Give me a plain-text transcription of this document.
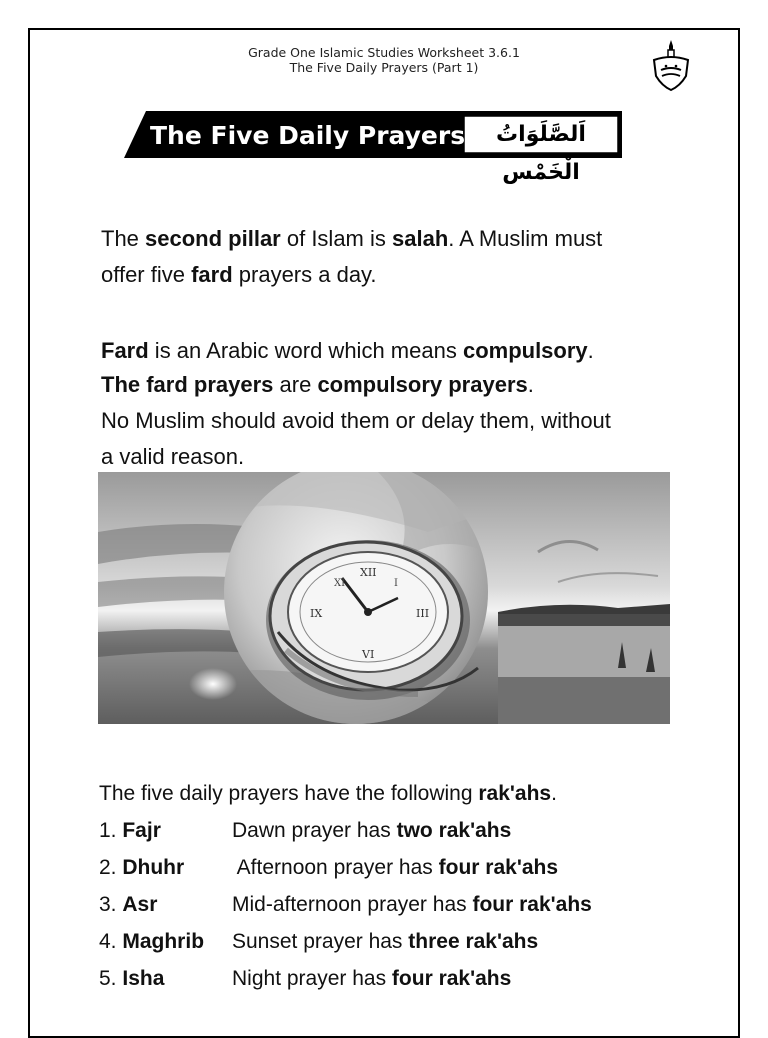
Grade One Islamic Studies Worksheet 3.6.1
The Five Daily Prayers (Part 1)
The Five Daily Prayers	اَلصَّلَوَاتُ الْخَمْس
The second pillar of Islam is salah. A Muslim must
offer five fard prayers a day.
Fard is an Arabic word which means compulsory.
The fard prayers are compulsory prayers.
No Muslim should avoid them or delay them, without
a valid reason.
XII
III
VI
IX
I
XI
The five daily prayers have the following rak'ahs.
1. Fajr	Dawn prayer has two rak'ahs
2. Dhuhr Afternoon prayer has four rak'ahs
3. Asr	Mid-afternoon prayer has four rak'ahs
4. Maghrib Sunset prayer has three rak'ahs
5. Isha	Night prayer has four rak'ahs
